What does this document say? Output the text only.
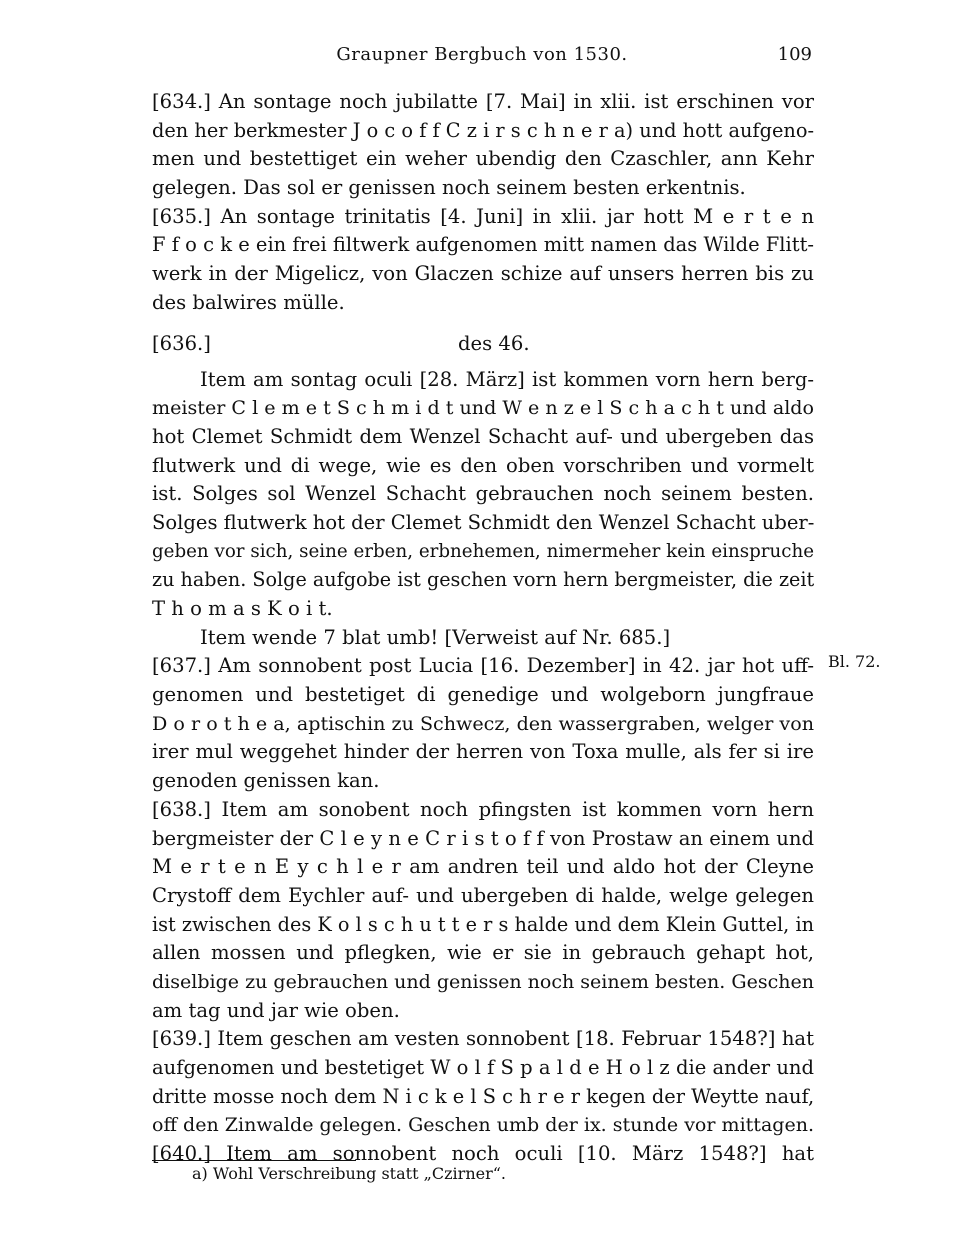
Graupner Bergbuch von 1530.	109
[634.] An sontage noch jubilatte [7. Mai] in xlii. ist erschinen vor
den her berkmester J o c o f f C z i r s c h n e r a) und hott aufgeno-
men und bestettiget ein weher ubendig den Czaschler, ann Kehr
gelegen. Das sol er genissen noch seinem besten erkentnis.
[635.] An sontage trinitatis [4. Juni] in xlii. jar hott M e r t e n
F f o c k e ein frei filtwerk aufgenomen mitt namen das Wilde Flitt-
werk in der Migelicz, von Glaczen schize auf unsers herren bis zu
des balwires mülle.
[636.]	des 46.
Item am sontag oculi [28. März] ist kommen vorn hern berg-
meister C l e m e t S c h m i d t und W e n z e l S c h a c h t und aldo
hot Clemet Schmidt dem Wenzel Schacht auf- und ubergeben das
flutwerk und di wege, wie es den oben vorschriben und vormelt
ist. Solges sol Wenzel Schacht gebrauchen noch seinem besten.
Solges flutwerk hot der Clemet Schmidt den Wenzel Schacht uber-
geben vor sich, seine erben, erbnehemen, nimermeher kein einspruche
zu haben. Solge aufgobe ist geschen vorn hern bergmeister, die zeit
T h o m a s K o i t.
Item wende 7 blat umb! [Verweist auf Nr. 685.]
[637.] Am sonnobent post Lucia [16. Dezember] in 42. jar hot uff-
genomen und bestetiget di genedige und wolgeborn jungfraue
D o r o t h e a, aptischin zu Schwecz, den wassergraben, welger von
irer mul weggehet hinder der herren von Toxa mulle, als fer si ire
genoden genissen kan.
[638.] Item am sonobent noch pfingsten ist kommen vorn hern
bergmeister der C l e y n e C r i s t o f f von Prostaw an einem und
M e r t e n E y c h l e r am andren teil und aldo hot der Cleyne
Crystoff dem Eychler auf- und ubergeben di halde, welge gelegen
ist zwischen des K o l s c h u t t e r s halde und dem Klein Guttel, in
allen mossen und pflegken, wie er sie in gebrauch gehapt hot,
diselbige zu gebrauchen und genissen noch seinem besten. Geschen
am tag und jar wie oben.
[639.] Item geschen am vesten sonnobent [18. Februar 1548?] hat
aufgenomen und bestetiget W o l f S p a l d e H o l z die ander und
dritte mosse noch dem N i c k e l S c h r e r kegen der Weytte nauf,
off den Zinwalde gelegen. Geschen umb der ix. stunde vor mittagen.
[640.] Item am sonnobent noch oculi [10. März 1548?] hat
Bl. 72.
a) Wohl Verschreibung statt „Czirner“.
